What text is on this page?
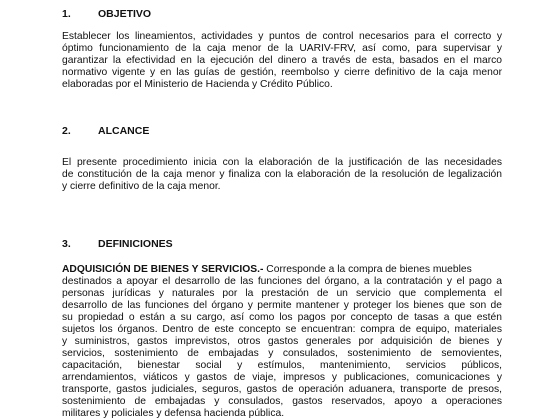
1.	OBJETIVO
Establecer los lineamientos, actividades y puntos de control necesarios para el correcto y
óptimo funcionamiento de la caja menor de la UARIV-FRV, así como, para supervisar y
garantizar la efectividad en la ejecución del dinero a través de esta, basados en el marco
normativo vigente y en las guías de gestión, reembolso y cierre definitivo de la caja menor
elaboradas por el Ministerio de Hacienda y Crédito Público.
2.	ALCANCE
El presente procedimiento inicia con la elaboración de la justificación de las necesidades
de constitución de la caja menor y finaliza con la elaboración de la resolución de legalización
y cierre definitivo de la caja menor.
3.	DEFINICIONES
ADQUISICIÓN DE BIENES Y SERVICIOS.- Corresponde a la compra de bienes muebles
destinados a apoyar el desarrollo de las funciones del órgano, a la contratación y el pago a
personas jurídicas y naturales por la prestación de un servicio que complementa el
desarrollo de las funciones del órgano y permite mantener y proteger los bienes que son de
su propiedad o están a su cargo, así como los pagos por concepto de tasas a que estén
sujetos los órganos. Dentro de este concepto se encuentran: compra de equipo, materiales
y suministros, gastos imprevistos, otros gastos generales por adquisición de bienes y
servicios, sostenimiento de embajadas y consulados, sostenimiento de semovientes,
capacitación, bienestar social y estímulos, mantenimiento, servicios públicos,
arrendamientos, viáticos y gastos de viaje, impresos y publicaciones, comunicaciones y
transporte, gastos judiciales, seguros, gastos de operación aduanera, transporte de presos,
sostenimiento de embajadas y consulados, gastos reservados, apoyo a operaciones
militares y policiales y defensa hacienda pública.
